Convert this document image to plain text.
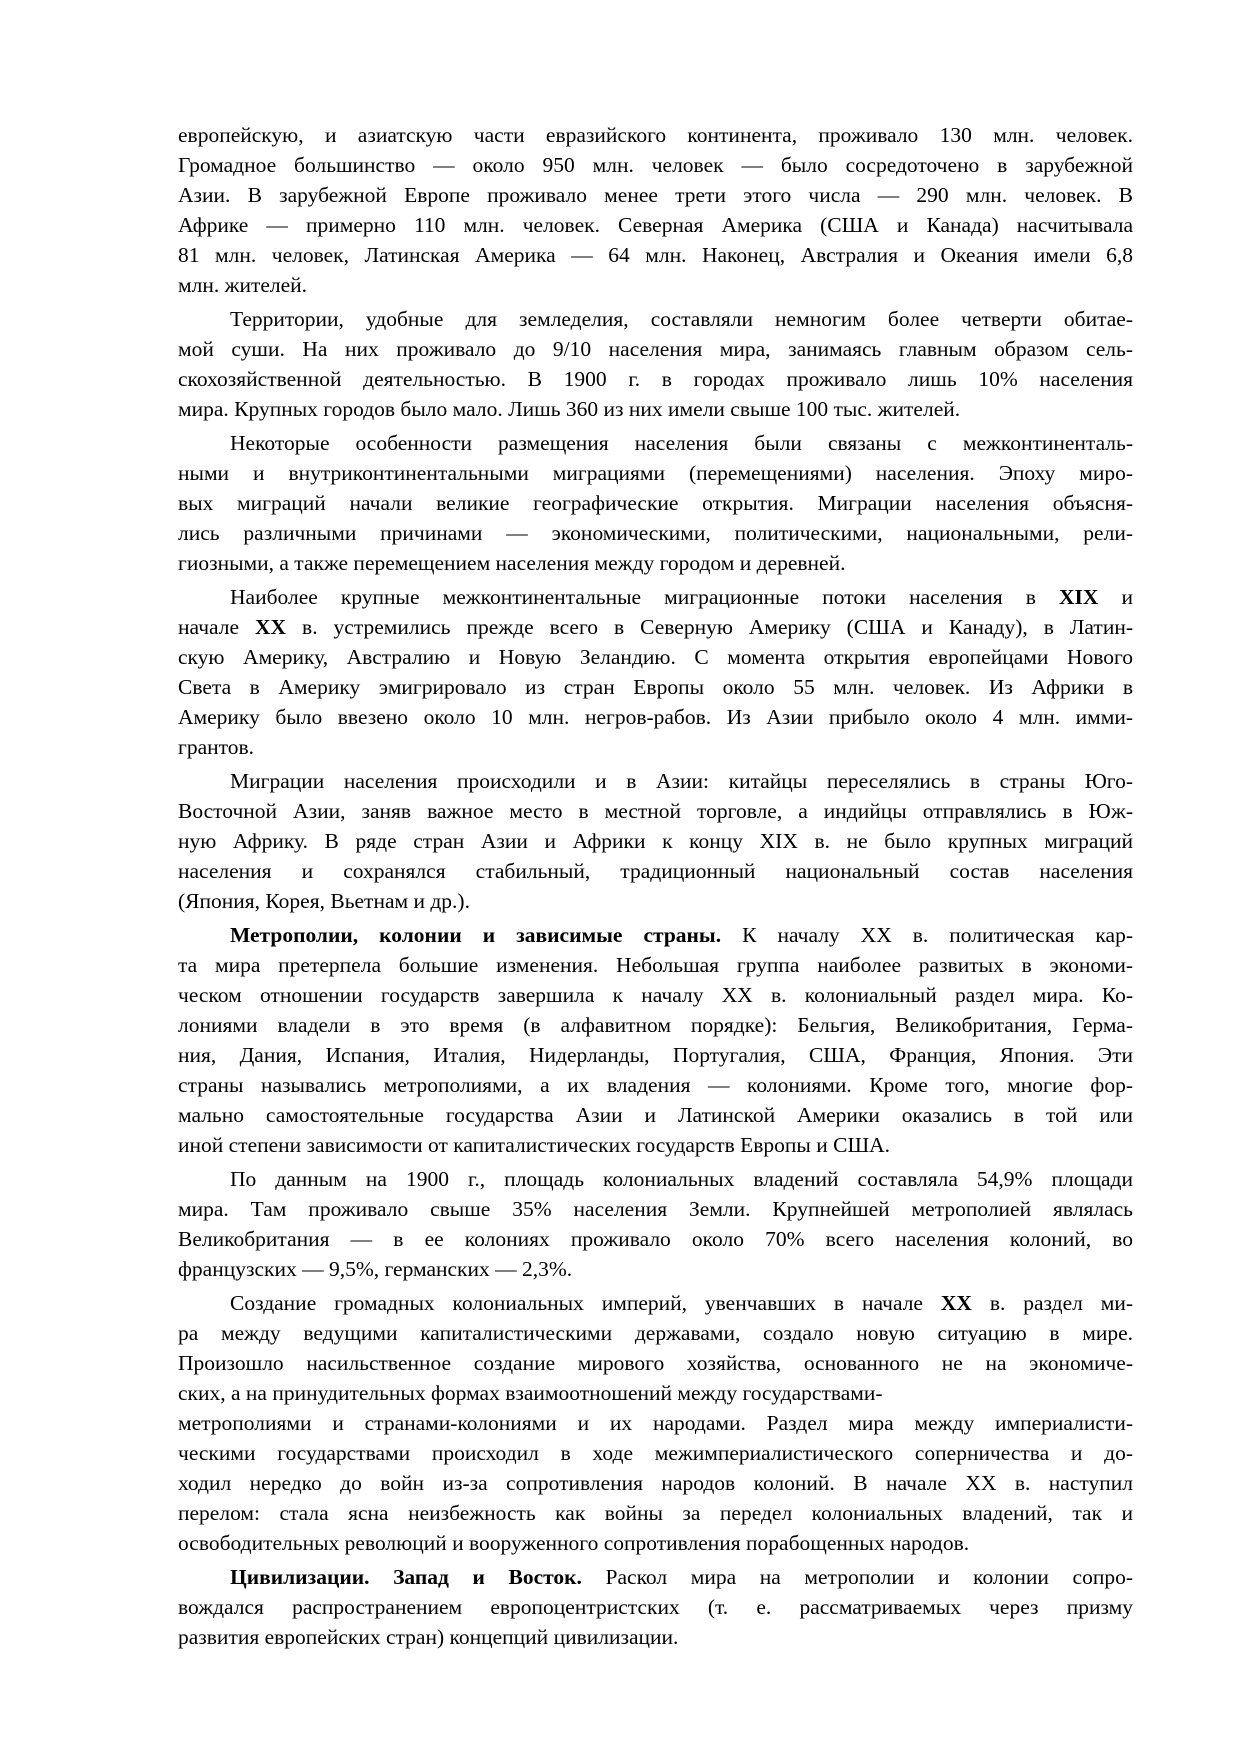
европейскую, и азиатскую части евразийского континента, проживало 130 млн. человек.
Громадное большинство — около 950 млн. человек — было сосредоточено в зарубежной
Азии. В зарубежной Европе проживало менее трети этого числа — 290 млн. человек. В
Африке — примерно 110 млн. человек. Северная Америка (США и Канада) насчитывала
81 млн. человек, Латинская Америка — 64 млн. Наконец, Австралия и Океания имели 6,8
млн. жителей.
Территории, удобные для земледелия, составляли немногим более четверти обитае-
мой суши. На них проживало до 9/10 населения мира, занимаясь главным образом сель-
скохозяйственной деятельностью. В 1900 г. в городах проживало лишь 10% населения
мира. Крупных городов было мало. Лишь 360 из них имели свыше 100 тыс. жителей.
Некоторые особенности размещения населения были связаны с межконтиненталь-
ными и внутриконтинентальными миграциями (перемещениями) населения. Эпоху миро-
вых миграций начали великие географические открытия. Миграции населения объясня-
лись различными причинами — экономическими, политическими, национальными, рели-
гиозными, а также перемещением населения между городом и деревней.
Наиболее крупные межконтинентальные миграционные потоки населения в XIX и
начале XX в. устремились прежде всего в Северную Америку (США и Канаду), в Латин-
скую Америку, Австралию и Новую Зеландию. С момента открытия европейцами Нового
Света в Америку эмигрировало из стран Европы около 55 млн. человек. Из Африки в
Америку было ввезено около 10 млн. негров-рабов. Из Азии прибыло около 4 млн. имми-
грантов.
Миграции населения происходили и в Азии: китайцы переселялись в страны Юго-
Восточной Азии, заняв важное место в местной торговле, а индийцы отправлялись в Юж-
ную Африку. В ряде стран Азии и Африки к концу XIX в. не было крупных миграций
населения и сохранялся стабильный, традиционный национальный состав населения
(Япония, Корея, Вьетнам и др.).
Метрополии, колонии и зависимые страны. К началу XX в. политическая кар-
та мира претерпела большие изменения. Небольшая группа наиболее развитых в экономи-
ческом отношении государств завершила к началу XX в. колониальный раздел мира. Ко-
лониями владели в это время (в алфавитном порядке): Бельгия, Великобритания, Герма-
ния, Дания, Испания, Италия, Нидерланды, Португалия, США, Франция, Япония. Эти
страны назывались метрополиями, а их владения — колониями. Кроме того, многие фор-
мально самостоятельные государства Азии и Латинской Америки оказались в той или
иной степени зависимости от капиталистических государств Европы и США.
По данным на 1900 г., площадь колониальных владений составляла 54,9% площади
мира. Там проживало свыше 35% населения Земли. Крупнейшей метрополией являлась
Великобритания — в ее колониях проживало около 70% всего населения колоний, во
французских — 9,5%, германских — 2,3%.
Создание громадных колониальных империй, увенчавших в начале XX в. раздел ми-
ра между ведущими капиталистическими державами, создало новую ситуацию в мире.
Произошло насильственное создание мирового хозяйства, основанного не на экономиче-
ских, а на принудительных формах взаимоотношений между государствами-
метрополиями и странами-колониями и их народами. Раздел мира между империалисти-
ческими государствами происходил в ходе межимпериалистического соперничества и до-
ходил нередко до войн из-за сопротивления народов колоний. В начале XX в. наступил
перелом: стала ясна неизбежность как войны за передел колониальных владений, так и
освободительных революций и вооруженного сопротивления порабощенных народов.
Цивилизации. Запад и Восток. Раскол мира на метрополии и колонии сопро-
вождался распространением европоцентристских (т. е. рассматриваемых через призму
развития европейских стран) концепций цивилизации.
